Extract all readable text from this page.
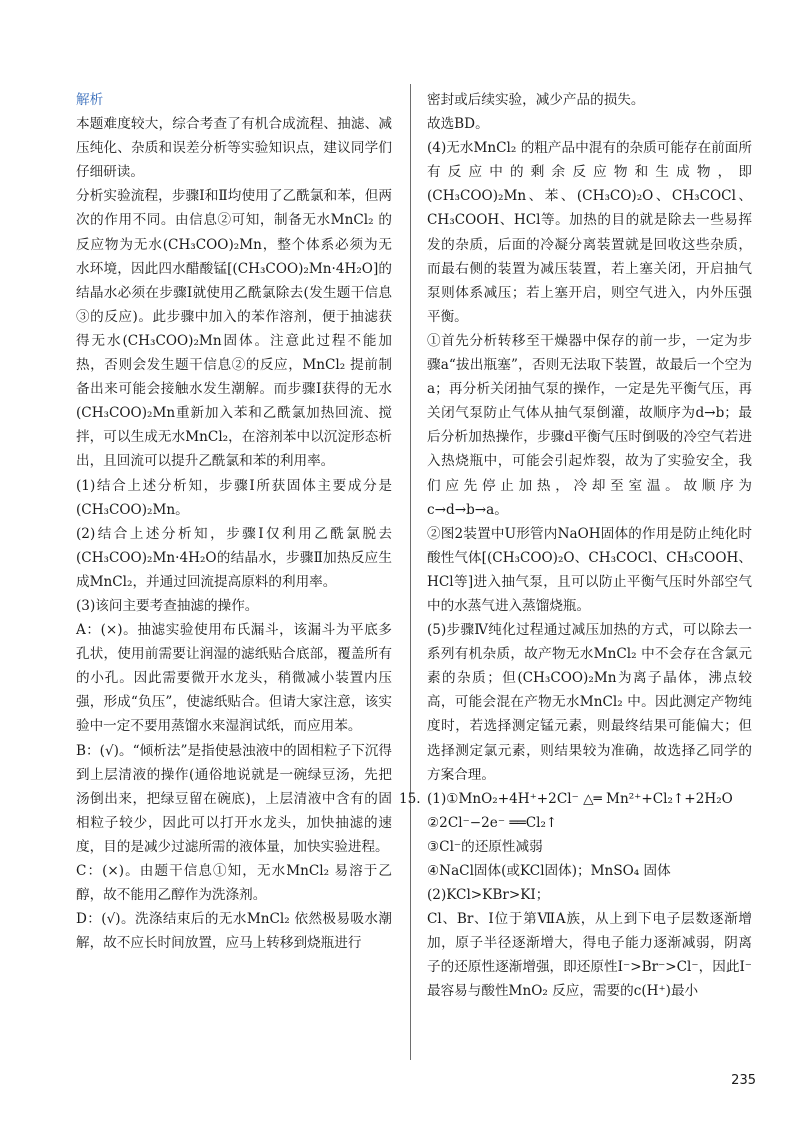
解析

本题难度较大，综合考查了有机合成流程、抽滤、减压纯化、杂质和误差分析等实验知识点，建议同学们仔细研读。

分析实验流程，步骤Ⅰ和Ⅱ均使用了乙酰氯和苯，但两次的作用不同。由信息②可知，制备无水MnCl₂ 的反应物为无水(CH₃COO)₂Mn，整个体系必须为无水环境，因此四水醋酸锰[(CH₃COO)₂Mn·4H₂O]的结晶水必须在步骤Ⅰ就使用乙酰氯除去(发生题干信息③的反应)。此步骤中加入的苯作溶剂，便于抽滤获得无水(CH₃COO)₂Mn固体。注意此过程不能加热，否则会发生题干信息②的反应，MnCl₂ 提前制备出来可能会接触水发生潮解。而步骤Ⅰ获得的无水(CH₃COO)₂Mn重新加入苯和乙酰氯加热回流、搅拌，可以生成无水MnCl₂，在溶剂苯中以沉淀形态析出，且回流可以提升乙酰氯和苯的利用率。

(1)结合上述分析知，步骤Ⅰ所获固体主要成分是(CH₃COO)₂Mn。

(2)结合上述分析知，步骤Ⅰ仅利用乙酰氯脱去(CH₃COO)₂Mn·4H₂O的结晶水，步骤Ⅱ加热反应生成MnCl₂，并通过回流提高原料的利用率。

(3)该问主要考查抽滤的操作。

A：(×)。抽滤实验使用布氏漏斗，该漏斗为平底多孔状，使用前需要让润湿的滤纸贴合底部，覆盖所有的小孔。因此需要微开水龙头，稍微减小装置内压强，形成“负压”，使滤纸贴合。但请大家注意，该实验中一定不要用蒸馏水来湿润试纸，而应用苯。

B：(√)。“倾析法”是指使悬浊液中的固相粒子下沉得到上层清液的操作(通俗地说就是一碗绿豆汤，先把汤倒出来，把绿豆留在碗底)，上层清液中含有的固相粒子较少，因此可以打开水龙头，加快抽滤的速度，目的是减少过滤所需的液体量，加快实验进程。

C：(×)。由题干信息①知，无水MnCl₂ 易溶于乙醇，故不能用乙醇作为洗涤剂。

D：(√)。洗涤结束后的无水MnCl₂ 依然极易吸水潮解，故不应长时间放置，应马上转移到烧瓶进行

密封或后续实验，减少产品的损失。

故选BD。

(4)无水MnCl₂ 的粗产品中混有的杂质可能存在前面所有反应中的剩余反应物和生成物，即(CH₃COO)₂Mn、苯、(CH₃CO)₂O、CH₃COCl、CH₃COOH、HCl等。加热的目的就是除去一些易挥发的杂质，后面的冷凝分离装置就是回收这些杂质，而最右侧的装置为减压装置，若上塞关闭，开启抽气泵则体系减压；若上塞开启，则空气进入，内外压强平衡。

①首先分析转移至干燥器中保存的前一步，一定为步骤a“拔出瓶塞”，否则无法取下装置，故最后一个空为a；再分析关闭抽气泵的操作，一定是先平衡气压，再关闭气泵防止气体从抽气泵倒灌，故顺序为d→b；最后分析加热操作，步骤d平衡气压时倒吸的冷空气若进入热烧瓶中，可能会引起炸裂，故为了实验安全，我们应先停止加热，冷却至室温。故顺序为c→d→b→a。

②图2装置中U形管内NaOH固体的作用是防止纯化时酸性气体[(CH₃COO)₂O、CH₃COCl、CH₃COOH、HCl等]进入抽气泵，且可以防止平衡气压时外部空气中的水蒸气进入蒸馏烧瓶。

(5)步骤Ⅳ纯化过程通过减压加热的方式，可以除去一系列有机杂质，故产物无水MnCl₂ 中不会存在含氯元素的杂质；但(CH₃COO)₂Mn为离子晶体，沸点较高，可能会混在产物无水MnCl₂ 中。因此测定产物纯度时，若选择测定锰元素，则最终结果可能偏大；但选择测定氯元素，则结果较为准确，故选择乙同学的方案合理。

15. (1)①MnO₂+4H⁺+2Cl⁻ △═ Mn²⁺+Cl₂↑+2H₂O

②2Cl⁻−2e⁻ ══Cl₂↑

③Cl⁻的还原性减弱

④NaCl固体(或KCl固体)；MnSO₄ 固体

(2)KCl>KBr>KI；

Cl、Br、I位于第ⅦA族，从上到下电子层数逐渐增加，原子半径逐渐增大，得电子能力逐渐减弱，阴离子的还原性逐渐增强，即还原性I⁻>Br⁻>Cl⁻，因此I⁻最容易与酸性MnO₂ 反应，需要的c(H⁺)最小

235
